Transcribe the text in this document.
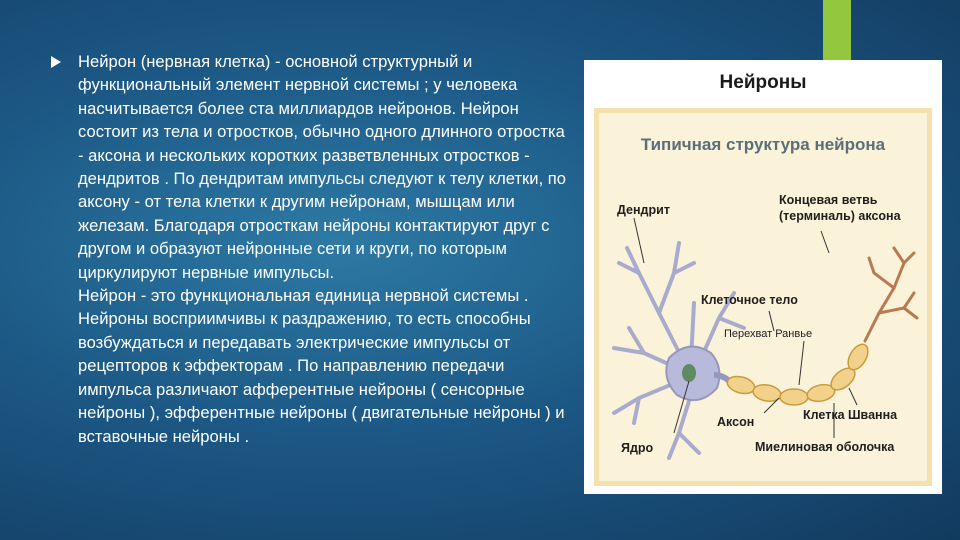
Нейрон (нервная клетка) - основной структурный и функциональный элемент нервной системы ; у человека насчитывается более ста миллиардов нейронов. Нейрон состоит из тела и отростков, обычно одного длинного отростка - аксона и нескольких коротких разветвленных отростков - дендритов . По дендритам импульсы следуют к телу клетки, по аксону - от тела клетки к другим нейронам, мышцам или железам. Благодаря отросткам нейроны контактируют друг с другом и образуют нейронные сети и круги, по которым циркулируют нервные импульсы.

Нейрон - это функциональная единица нервной системы . Нейроны восприимчивы к раздражению, то есть способны возбуждаться и передавать электрические импульсы от рецепторов к эффекторам . По направлению передачи импульса различают афферентные нейроны ( сенсорные нейроны ), эфферентные нейроны ( двигательные нейроны ) и вставочные нейроны .

Нейроны
Типичная структура нейрона
Дендрит
Концевая ветвь
(терминаль) аксона
Клеточное тело
Перехват Ранвье
Аксон	Клетка Шванна
Ядро	Миелиновая оболочка
